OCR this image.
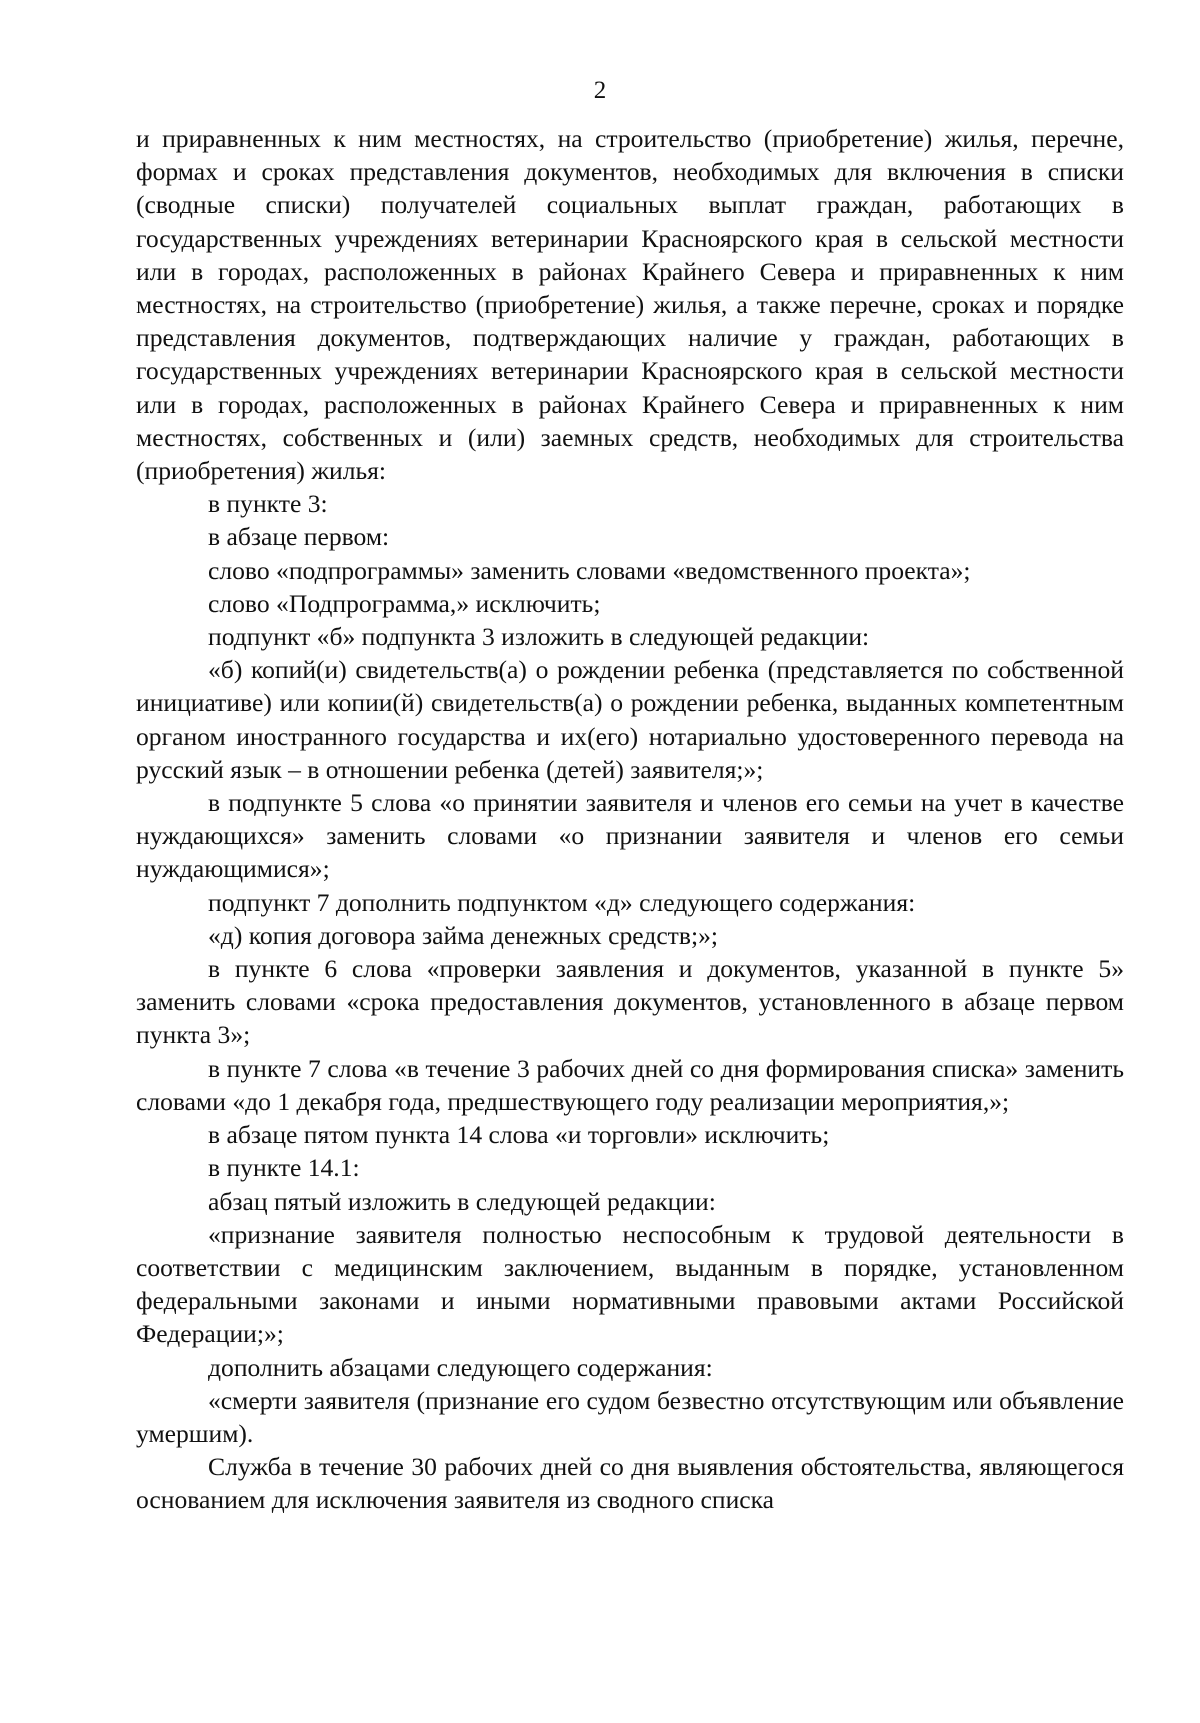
2

и приравненных к ним местностях, на строительство (приобретение) жилья, перечне, формах и сроках представления документов, необходимых для включения в списки (сводные списки) получателей социальных выплат граждан, работающих в государственных учреждениях ветеринарии Красноярского края в сельской местности или в городах, расположенных в районах Крайнего Севера и приравненных к ним местностях, на строительство (приобретение) жилья, а также перечне, сроках и порядке представления документов, подтверждающих наличие у граждан, работающих в государственных учреждениях ветеринарии Красноярского края в сельской местности или в городах, расположенных в районах Крайнего Севера и приравненных к ним местностях, собственных и (или) заемных средств, необходимых для строительства (приобретения) жилья:

в пункте 3:

в абзаце первом:

слово «подпрограммы» заменить словами «ведомственного проекта»;

слово «Подпрограмма,» исключить;

подпункт «б» подпункта 3 изложить в следующей редакции:

«б) копий(и) свидетельств(а) о рождении ребенка (представляется по собственной инициативе) или копии(й) свидетельств(а) о рождении ребенка, выданных компетентным органом иностранного государства и их(его) нотариально удостоверенного перевода на русский язык – в отношении ребенка (детей) заявителя;»;

в подпункте 5 слова «о принятии заявителя и членов его семьи на учет в качестве нуждающихся» заменить словами «о признании заявителя и членов его семьи нуждающимися»;

подпункт 7 дополнить подпунктом «д» следующего содержания:

«д) копия договора займа денежных средств;»;

в пункте 6 слова «проверки заявления и документов, указанной в пункте 5» заменить словами «срока предоставления документов, установленного в абзаце первом пункта 3»;

в пункте 7 слова «в течение 3 рабочих дней со дня формирования списка» заменить словами «до 1 декабря года, предшествующего году реализации мероприятия,»;

в абзаце пятом пункта 14 слова «и торговли» исключить;

в пункте 14.1:

абзац пятый изложить в следующей редакции:

«признание заявителя полностью неспособным к трудовой деятельности в соответствии с медицинским заключением, выданным в порядке, установленном федеральными законами и иными нормативными правовыми актами Российской Федерации;»;

дополнить абзацами следующего содержания:

«смерти заявителя (признание его судом безвестно отсутствующим или объявление умершим).

Служба в течение 30 рабочих дней со дня выявления обстоятельства, являющегося основанием для исключения заявителя из сводного списка
